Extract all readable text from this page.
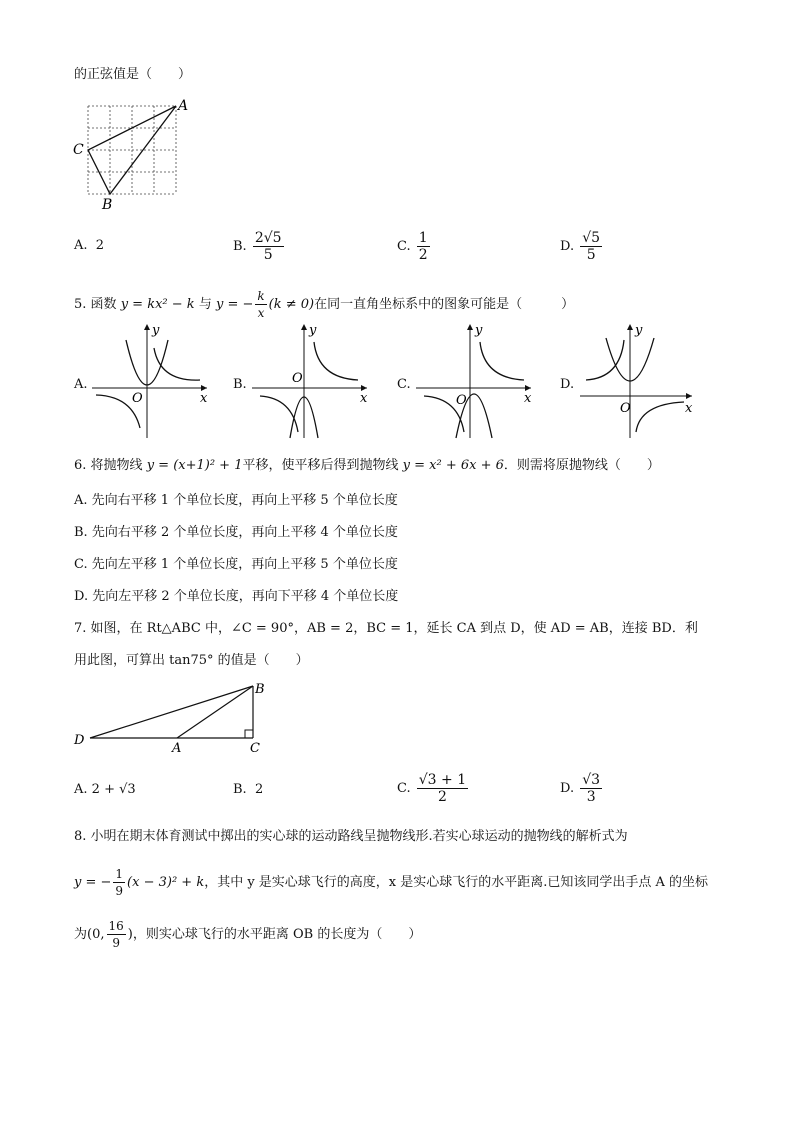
的正弦值是（　　）
A
C
B
A. 2	B. $\frac{2√5}{5}$	C. $\frac{1}{2}$	D. $\frac{√5}{5}$
5. 函数 y = kx² − k 与 y = − $\frac{k}{x} (k \ne 0)$在同一直角坐标系中的图象可能是（　　　）
A.
y
x
O
B.
y
x
O	C.
y
x
O
D.
y
x
O
6. 将抛物线 y = (x+1)² + 1平移，使平移后得到抛物线 y = x² + 6x + 6．则需将原抛物线（　　）
A. 先向右平移 1 个单位长度，再向上平移 5 个单位长度
B. 先向右平移 2 个单位长度，再向上平移 4 个单位长度
C. 先向左平移 1 个单位长度，再向上平移 5 个单位长度
D. 先向左平移 2 个单位长度，再向下平移 4 个单位长度
7. 如图，在 Rt△ABC 中，∠C = 90°，AB = 2，BC = 1，延长 CA 到点 D，使 AD = AB，连接 BD．利
用此图，可算出 tan75° 的值是（　　）
B
D
A	C
A. 2 + √3	B. 2	C. $\frac{√3 + 1}{2}$	D. $\frac{√3}{3}$
8. 小明在期末体育测试中掷出的实心球的运动路线呈抛物线形.若实心球运动的抛物线的解析式为
y = − $\frac{1}{9} (x - 3)^2 + k$，其中 y 是实心球飞行的高度，x 是实心球飞行的水平距离.已知该同学出手点 A 的坐标
为(0, $\frac{16}{9}$ )，则实心球飞行的水平距离 OB 的长度为（　　）
